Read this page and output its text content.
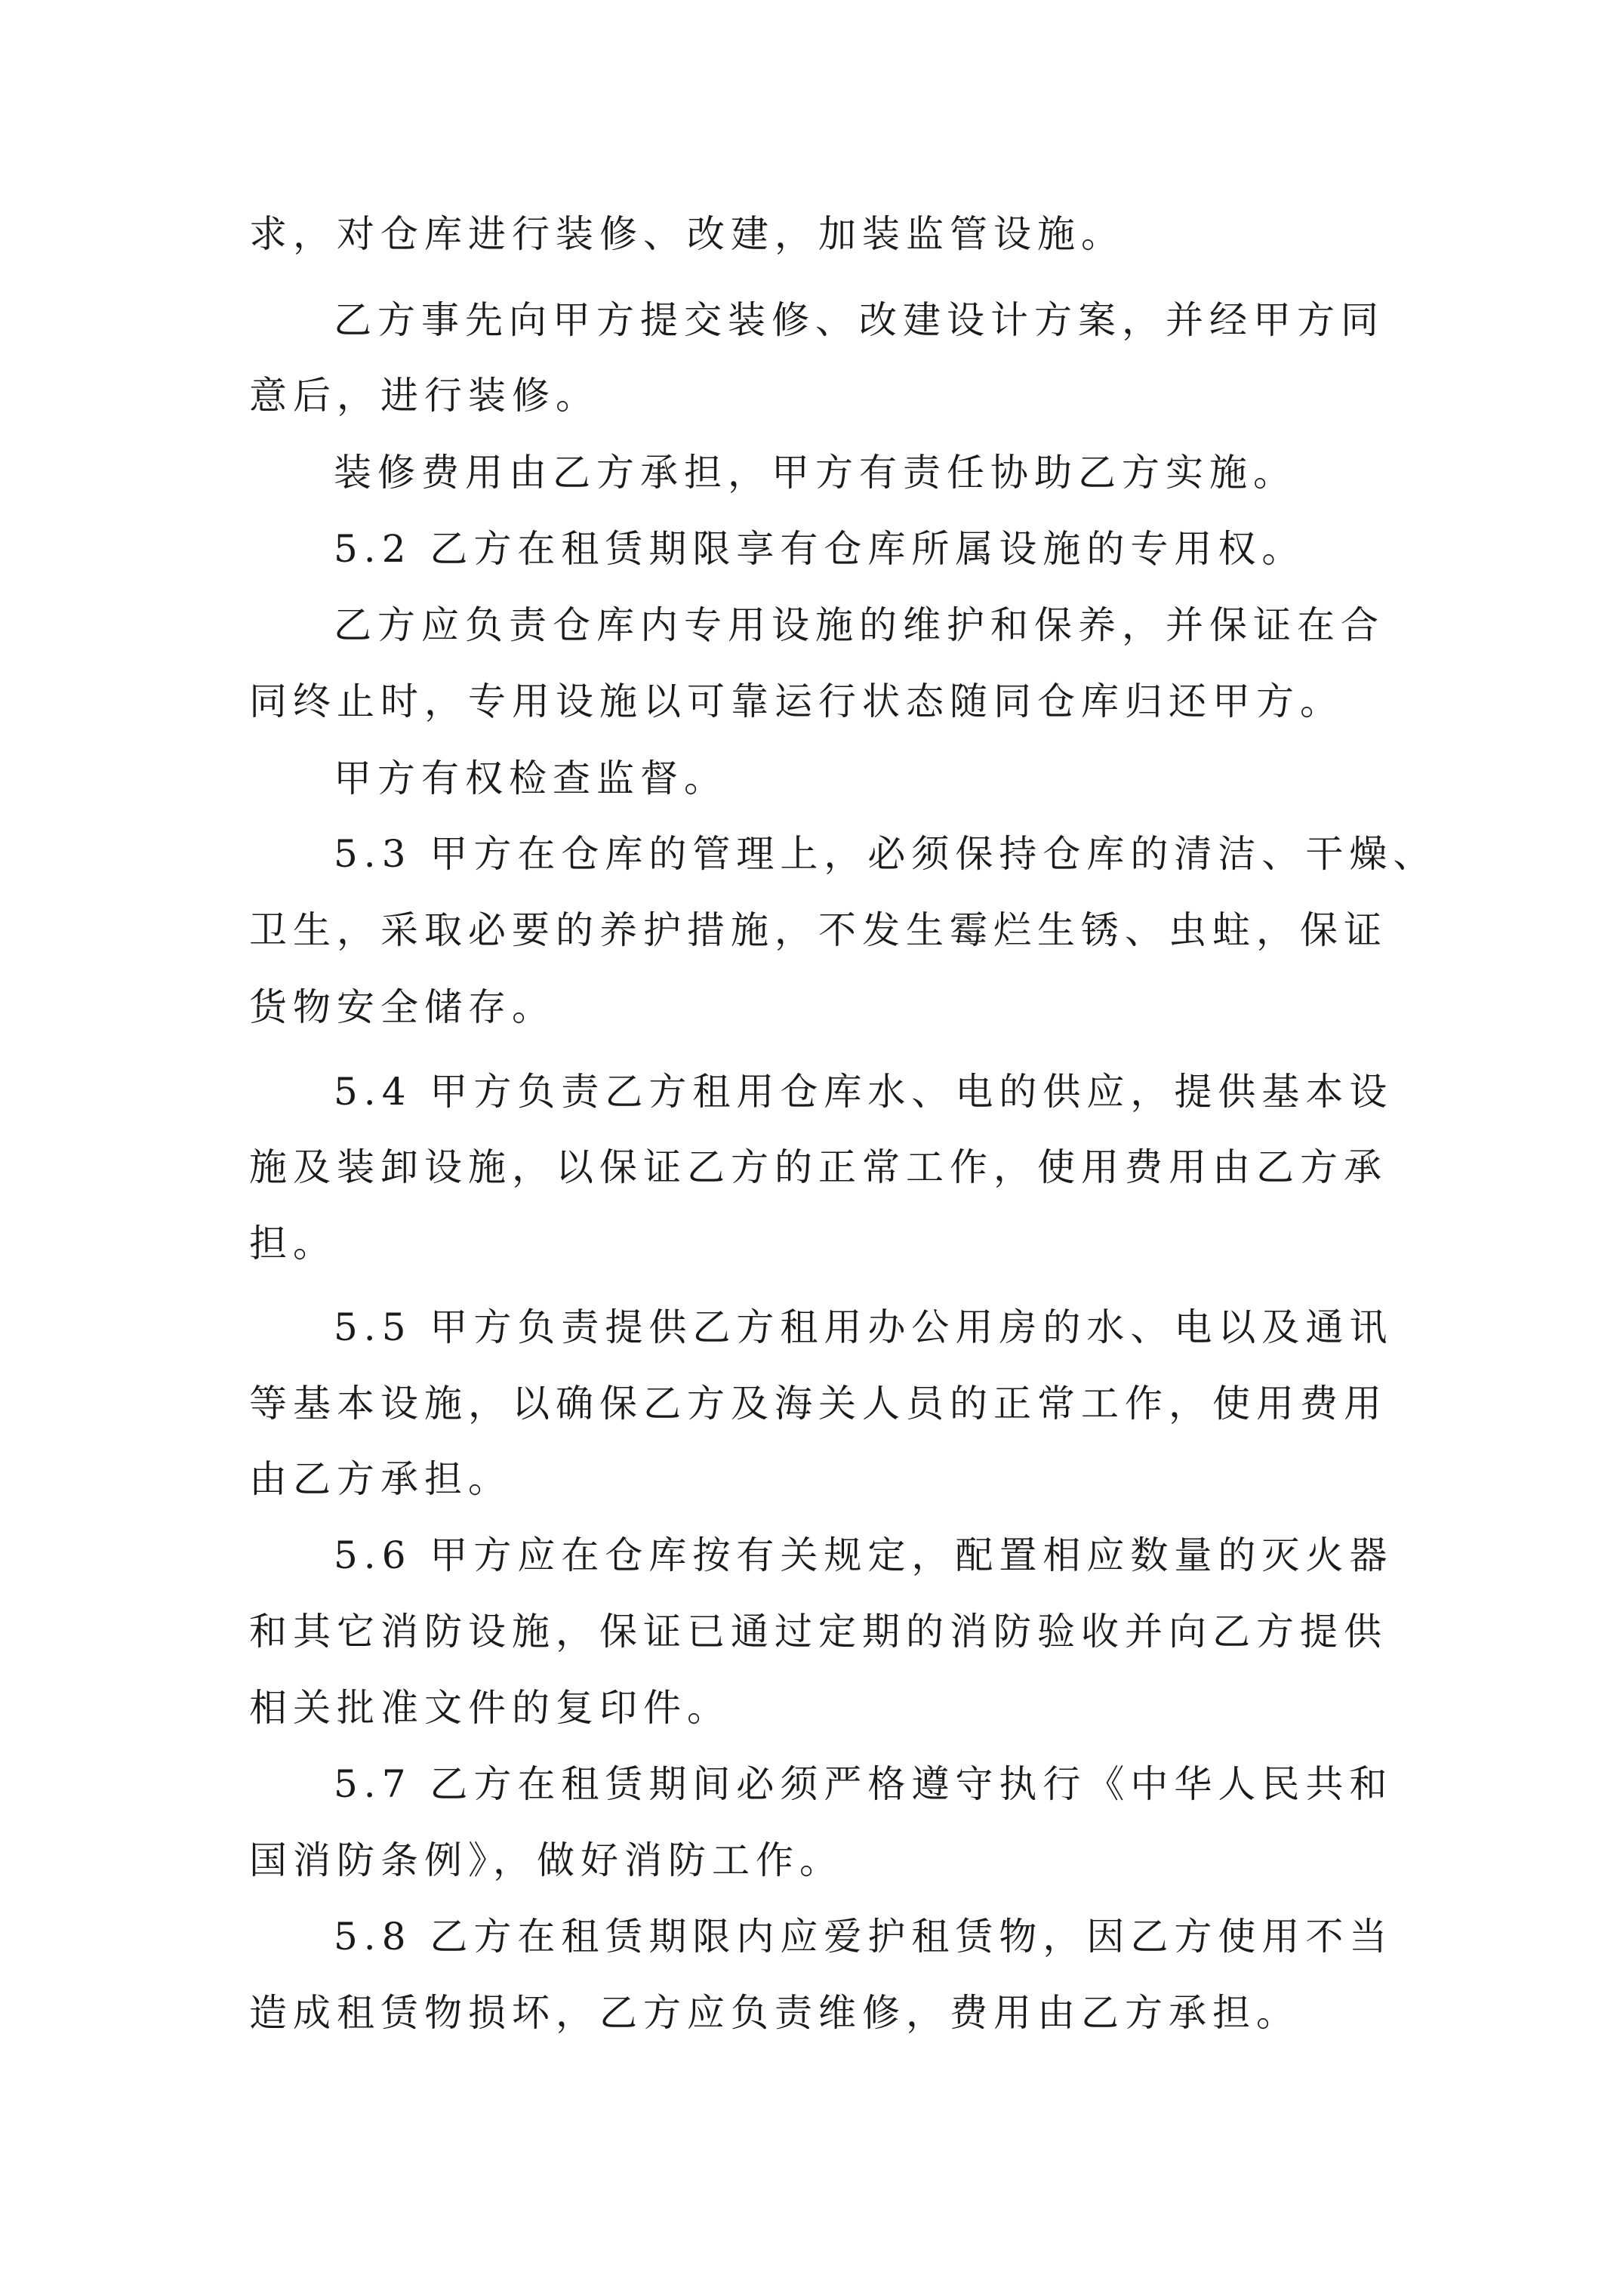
求，对仓库进行装修、改建，加装监管设施。
乙方事先向甲方提交装修、改建设计方案，并经甲方同
意后，进行装修。
装修费用由乙方承担，甲方有责任协助乙方实施。
5.2 乙方在租赁期限享有仓库所属设施的专用权。
乙方应负责仓库内专用设施的维护和保养，并保证在合
同终止时，专用设施以可靠运行状态随同仓库归还甲方。
甲方有权检查监督。
5.3 甲方在仓库的管理上，必须保持仓库的清洁、干燥、
卫生，采取必要的养护措施，不发生霉烂生锈、虫蛀，保证
货物安全储存。
5.4 甲方负责乙方租用仓库水、电的供应，提供基本设
施及装卸设施，以保证乙方的正常工作，使用费用由乙方承
担。
5.5 甲方负责提供乙方租用办公用房的水、电以及通讯
等基本设施，以确保乙方及海关人员的正常工作，使用费用
由乙方承担。
5.6 甲方应在仓库按有关规定，配置相应数量的灭火器
和其它消防设施，保证已通过定期的消防验收并向乙方提供
相关批准文件的复印件。
5.7 乙方在租赁期间必须严格遵守执行《中华人民共和
国消防条例》，做好消防工作。
5.8 乙方在租赁期限内应爱护租赁物，因乙方使用不当
造成租赁物损坏，乙方应负责维修，费用由乙方承担。
